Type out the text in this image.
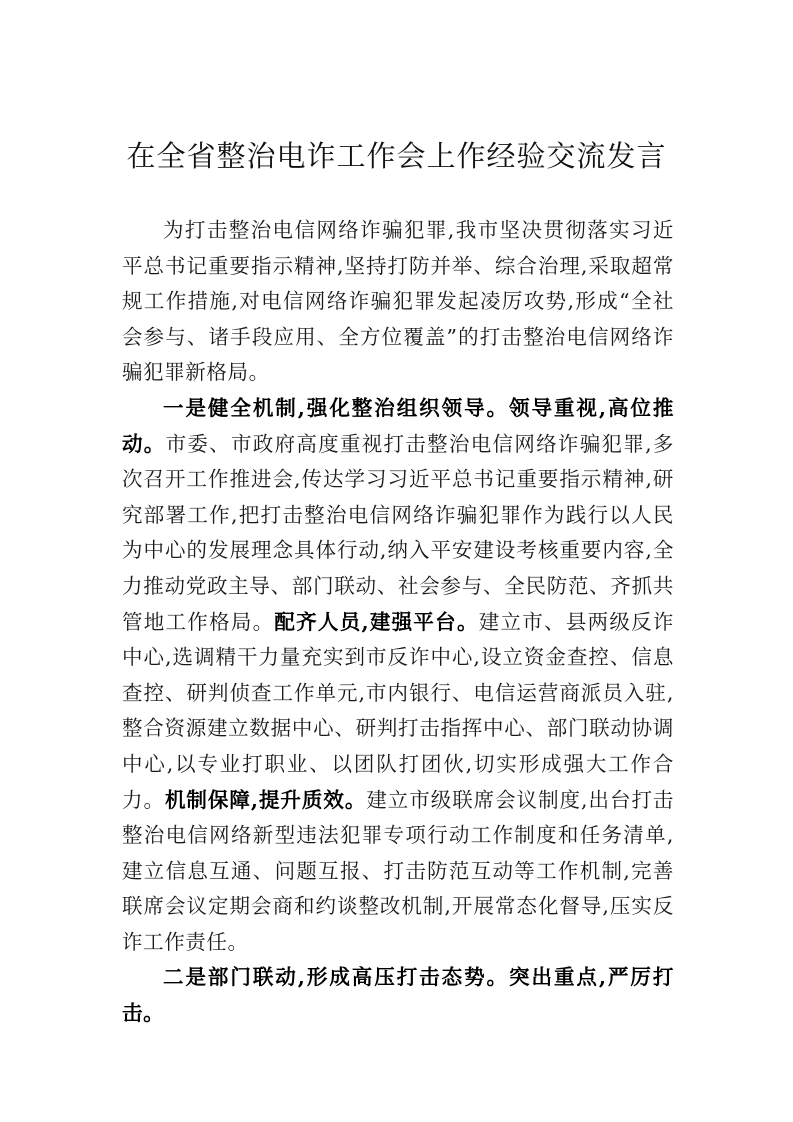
在全省整治电诈工作会上作经验交流发言

为打击整治电信网络诈骗犯罪,我市坚决贯彻落实习近平总书记重要指示精神,坚持打防并举、综合治理,采取超常规工作措施,对电信网络诈骗犯罪发起凌厉攻势,形成“全社会参与、诸手段应用、全方位覆盖”的打击整治电信网络诈骗犯罪新格局。

一是健全机制,强化整治组织领导。领导重视,高位推动。市委、市政府高度重视打击整治电信网络诈骗犯罪,多次召开工作推进会,传达学习习近平总书记重要指示精神,研究部署工作,把打击整治电信网络诈骗犯罪作为践行以人民为中心的发展理念具体行动,纳入平安建设考核重要内容,全力推动党政主导、部门联动、社会参与、全民防范、齐抓共管地工作格局。配齐人员,建强平台。建立市、县两级反诈中心,选调精干力量充实到市反诈中心,设立资金查控、信息查控、研判侦查工作单元,市内银行、电信运营商派员入驻,整合资源建立数据中心、研判打击指挥中心、部门联动协调中心,以专业打职业、以团队打团伙,切实形成强大工作合力。机制保障,提升质效。建立市级联席会议制度,出台打击整治电信网络新型违法犯罪专项行动工作制度和任务清单,建立信息互通、问题互报、打击防范互动等工作机制,完善联席会议定期会商和约谈整改机制,开展常态化督导,压实反诈工作责任。

二是部门联动,形成高压打击态势。突出重点,严厉打击。
